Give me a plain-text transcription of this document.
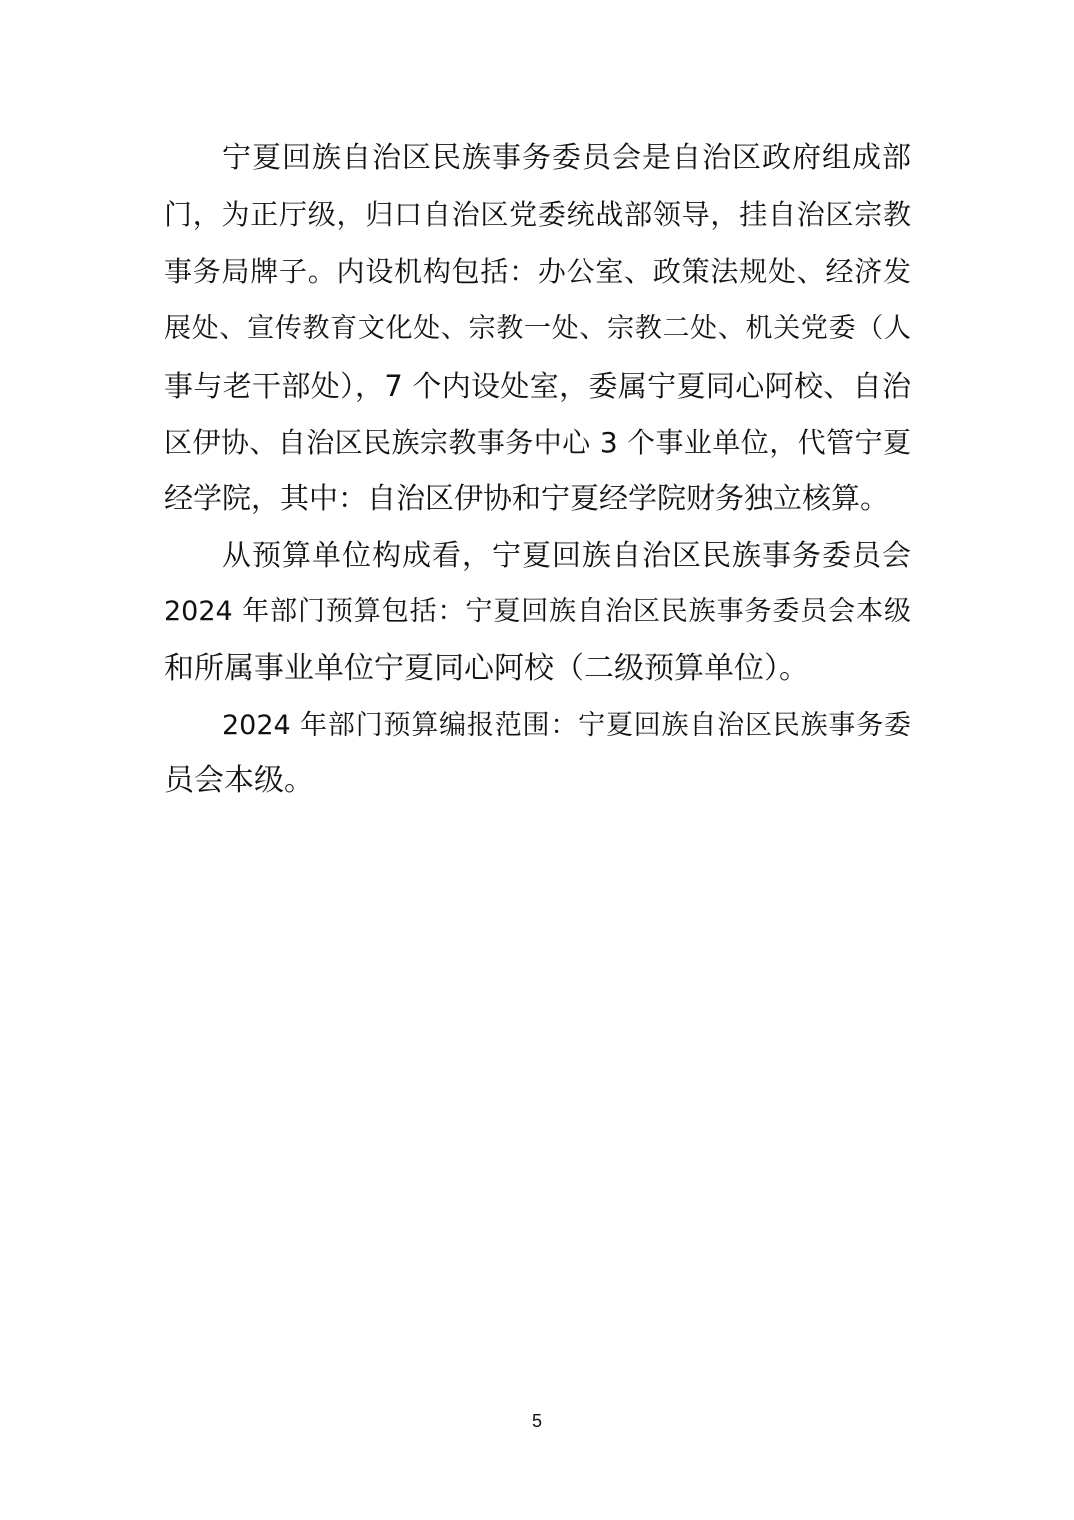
宁夏回族自治区民族事务委员会是自治区政府组成部
门，为正厅级，归口自治区党委统战部领导，挂自治区宗教
事务局牌子。内设机构包括：办公室、政策法规处、经济发
展处、宣传教育文化处、宗教一处、宗教二处、机关党委（人
事与老干部处），7 个内设处室，委属宁夏同心阿校、自治
区伊协、自治区民族宗教事务中心 3 个事业单位，代管宁夏
经学院，其中：自治区伊协和宁夏经学院财务独立核算。
从预算单位构成看，宁夏回族自治区民族事务委员会
2024 年部门预算包括：宁夏回族自治区民族事务委员会本级
和所属事业单位宁夏同心阿校（二级预算单位）。
2024 年部门预算编报范围：宁夏回族自治区民族事务委
员会本级。
5
